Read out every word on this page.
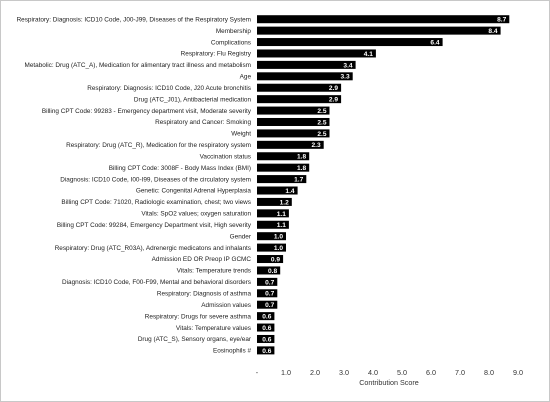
8.7
8.4
6.4
4.1
3.4
3.3
2.9
2.9
2.5
2.5
2.5
2.3
1.8
1.8
1.7
1.4
1.2
1.1
1.1
1.0
1.0
0.9
0.8
0.7
0.7
0.7
0.6
0.6
0.6
0.6
Respiratory: Diagnosis: ICD10 Code, J00-J99, Diseases of the Respiratory System
Membership
Complications
Respiratory: Flu Registry
Metabolic: Drug (ATC_A), Medication for alimentary tract illness and metabolism
Age
Respiratory: Diagnosis: ICD10 Code, J20 Acute bronchitis
Drug (ATC_J01), Antibacterial medication
Billing CPT Code: 99283 - Emergency department visit, Moderate severity
Respiratory and Cancer: Smoking
Weight
Respiratory: Drug (ATC_R), Medication for the respiratory system
Vaccination status
Billing CPT Code: 3008F - Body Mass Index (BMI)
Diagnosis: ICD10 Code, I00-I99, Diseases of the circulatory system
Genetic: Congenital Adrenal Hyperplasia
Billing CPT Code: 71020, Radiologic examination, chest; two views
Vitals: SpO2 values; oxygen saturation
Billing CPT Code: 99284, Emergency Department visit, High severity
Gender
Respiratory: Drug (ATC_R03A), Adrenergic medicatons and inhalants
Admission ED OR Preop IP GCMC
Vitals: Temperature trends
Diagnosis: ICD10 Code, F00-F99, Mental and behavioral disorders
Respiratory: Diagnosis of asthma
Admission values
Respiratory: Drugs for severe asthma
Vitals: Temperature values
Drug (ATC_S), Sensory organs, eye/ear
Eosinophils #
-	1.0	2.0	3.0	4.0	5.0	6.0	7.0	8.0	9.0
Contribution Score
